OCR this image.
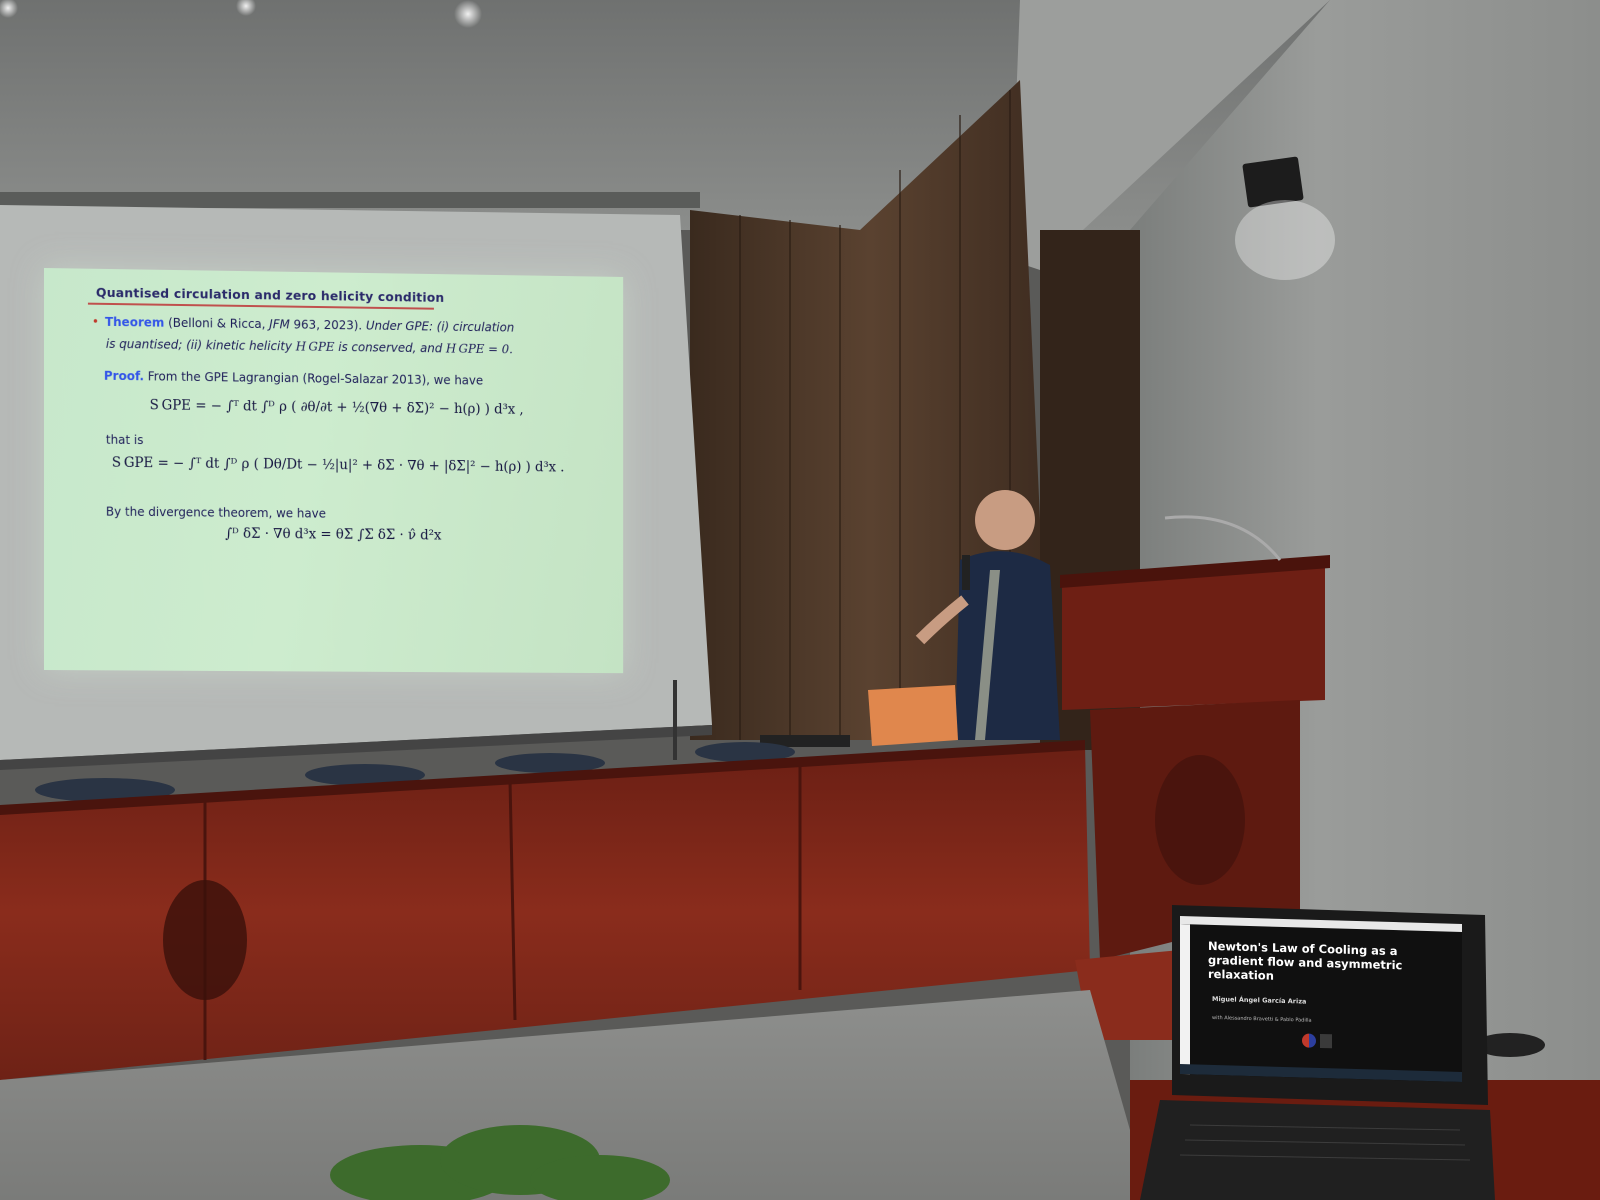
Quantised circulation and zero helicity condition
• Theorem (Belloni & Ricca, JFM 963, 2023). Under GPE: (i) circulation
is quantised; (ii) kinetic helicity H GPE is conserved, and H GPE = 0.
Proof. From the GPE Lagrangian (Rogel-Salazar 2013), we have
S GPE = − ∫ᵀ dt ∫ᴰ ρ ( ∂θ/∂t + ½(∇θ + δΣ)² − h(ρ) ) d³x ,
that is
S GPE = − ∫ᵀ dt ∫ᴰ ρ ( Dθ/Dt − ½|u|² + δΣ · ∇θ + |δΣ|² − h(ρ) ) d³x .
By the divergence theorem, we have
∫ᴰ δΣ · ∇θ d³x = θΣ ∫Σ δΣ · ν̂ d²x
Newton's Law of Cooling as a gradient flow and asymmetric relaxation
Miguel Ángel García Ariza
with Alessandro Bravetti & Pablo Padilla
